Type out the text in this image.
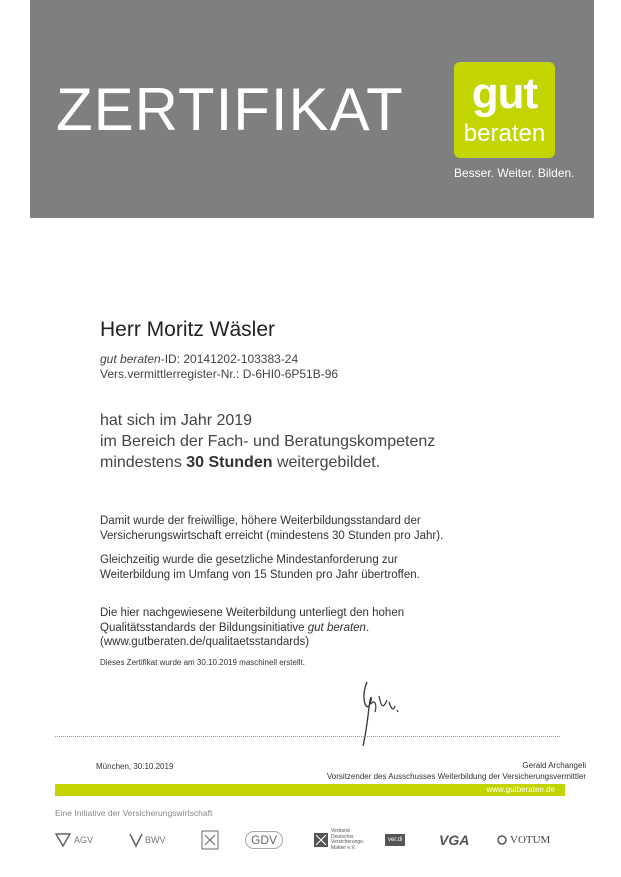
ZERTIFIKAT	gut
beraten
Besser. Weiter. Bilden.
Herr Moritz Wäsler
gut beraten-ID: 20141202-103383-24
Vers.vermittlerregister-Nr.: D-6HI0-6P51B-96
hat sich im Jahr 2019
im Bereich der Fach- und Beratungskompetenz
mindestens 30 Stunden weitergebildet.
Damit wurde der freiwillige, höhere Weiterbildungsstandard der
Versicherungswirtschaft erreicht (mindestens 30 Stunden pro Jahr).
Gleichzeitig wurde die gesetzliche Mindestanforderung zur
Weiterbildung im Umfang von 15 Stunden pro Jahr übertroffen.
Die hier nachgewiesene Weiterbildung unterliegt den hohen
Qualitätsstandards der Bildungsinitiative gut beraten.
(www.gutberaten.de/qualitaetsstandards)
Dieses Zertifikat wurde am 30.10.2019 maschinell erstellt.
München, 30.10.2019	Gerald Archangeli
Vorsitzender des Ausschusses Weiterbildung der Versicherungsvermittler
www.gutberaten.de
Eine Initiative der Versicherungswirtschaft
AGV	BWV	GDV
Verband
Deutscher
Versicherungs-
Makler e.V.
ver.di	VGA	VOTUM
